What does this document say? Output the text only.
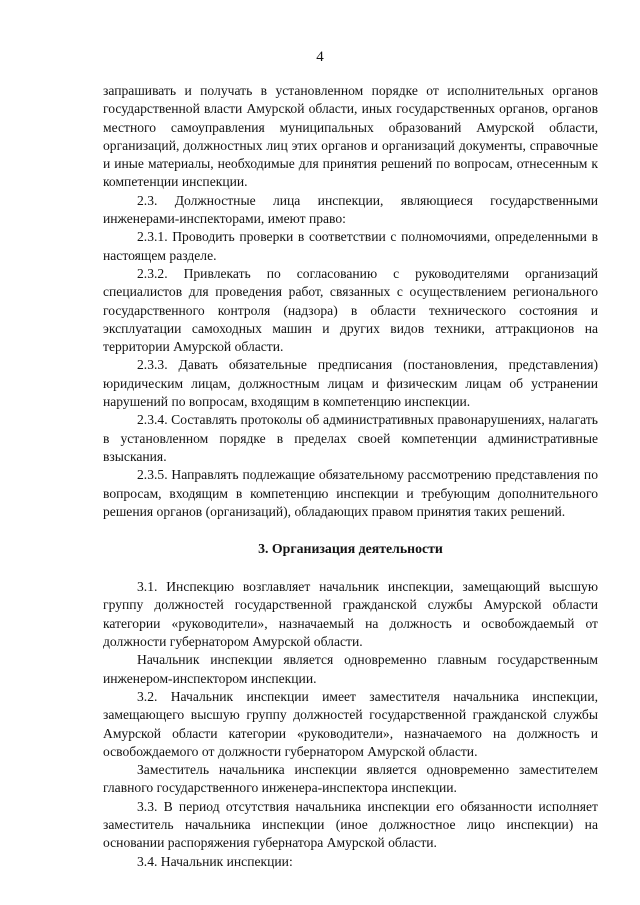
4

запрашивать и получать в установленном порядке от исполнительных органов государственной власти Амурской области, иных государственных органов, органов местного самоуправления муниципальных образований Амурской области, организаций, должностных лиц этих органов и организаций документы, справочные и иные материалы, необходимые для принятия решений по вопросам, отнесенным к компетенции инспекции.

2.3. Должностные лица инспекции, являющиеся государственными инженерами-инспекторами, имеют право:

2.3.1. Проводить проверки в соответствии с полномочиями, определенными в настоящем разделе.

2.3.2. Привлекать по согласованию с руководителями организаций специалистов для проведения работ, связанных с осуществлением регионального государственного контроля (надзора) в области технического состояния и эксплуатации самоходных машин и других видов техники, аттракционов на территории Амурской области.

2.3.3. Давать обязательные предписания (постановления, представления) юридическим лицам, должностным лицам и физическим лицам об устранении нарушений по вопросам, входящим в компетенцию инспекции.

2.3.4. Составлять протоколы об административных правонарушениях, налагать в установленном порядке в пределах своей компетенции административные взыскания.

2.3.5. Направлять подлежащие обязательному рассмотрению представления по вопросам, входящим в компетенцию инспекции и требующим дополнительного решения органов (организаций), обладающих правом принятия таких решений.

3. Организация деятельности

3.1. Инспекцию возглавляет начальник инспекции, замещающий высшую группу должностей государственной гражданской службы Амурской области категории «руководители», назначаемый на должность и освобождаемый от должности губернатором Амурской области.

Начальник инспекции является одновременно главным государственным инженером-инспектором инспекции.

3.2. Начальник инспекции имеет заместителя начальника инспекции, замещающего высшую группу должностей государственной гражданской службы Амурской области категории «руководители», назначаемого на должность и освобождаемого от должности губернатором Амурской области.

Заместитель начальника инспекции является одновременно заместителем главного государственного инженера-инспектора инспекции.

3.3. В период отсутствия начальника инспекции его обязанности исполняет заместитель начальника инспекции (иное должностное лицо инспекции) на основании распоряжения губернатора Амурской области.

3.4. Начальник инспекции:
